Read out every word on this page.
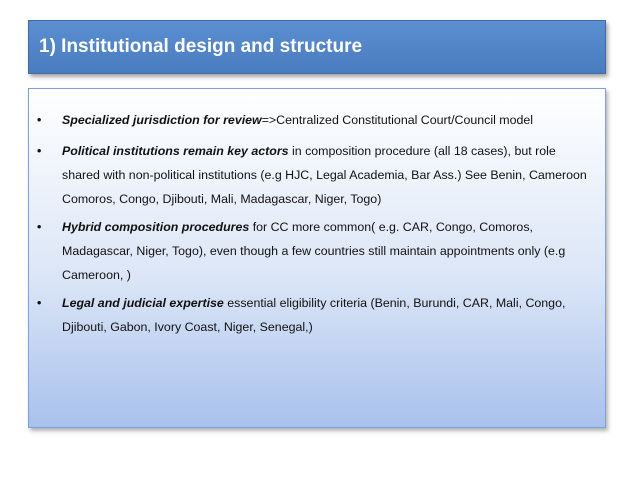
1) Institutional design and structure
• Specialized jurisdiction for review=>Centralized Constitutional Court/Council model
• Political institutions remain key actors in composition procedure (all 18 cases), but role shared with non-political institutions (e.g HJC, Legal Academia, Bar Ass.) See Benin, Cameroon Comoros, Congo, Djibouti, Mali, Madagascar, Niger, Togo)
• Hybrid composition procedures for CC more common( e.g. CAR, Congo, Comoros, Madagascar, Niger, Togo), even though a few countries still maintain appointments only (e.g Cameroon, )
• Legal and judicial expertise essential eligibility criteria (Benin, Burundi, CAR, Mali, Congo, Djibouti, Gabon, Ivory Coast, Niger, Senegal,)
